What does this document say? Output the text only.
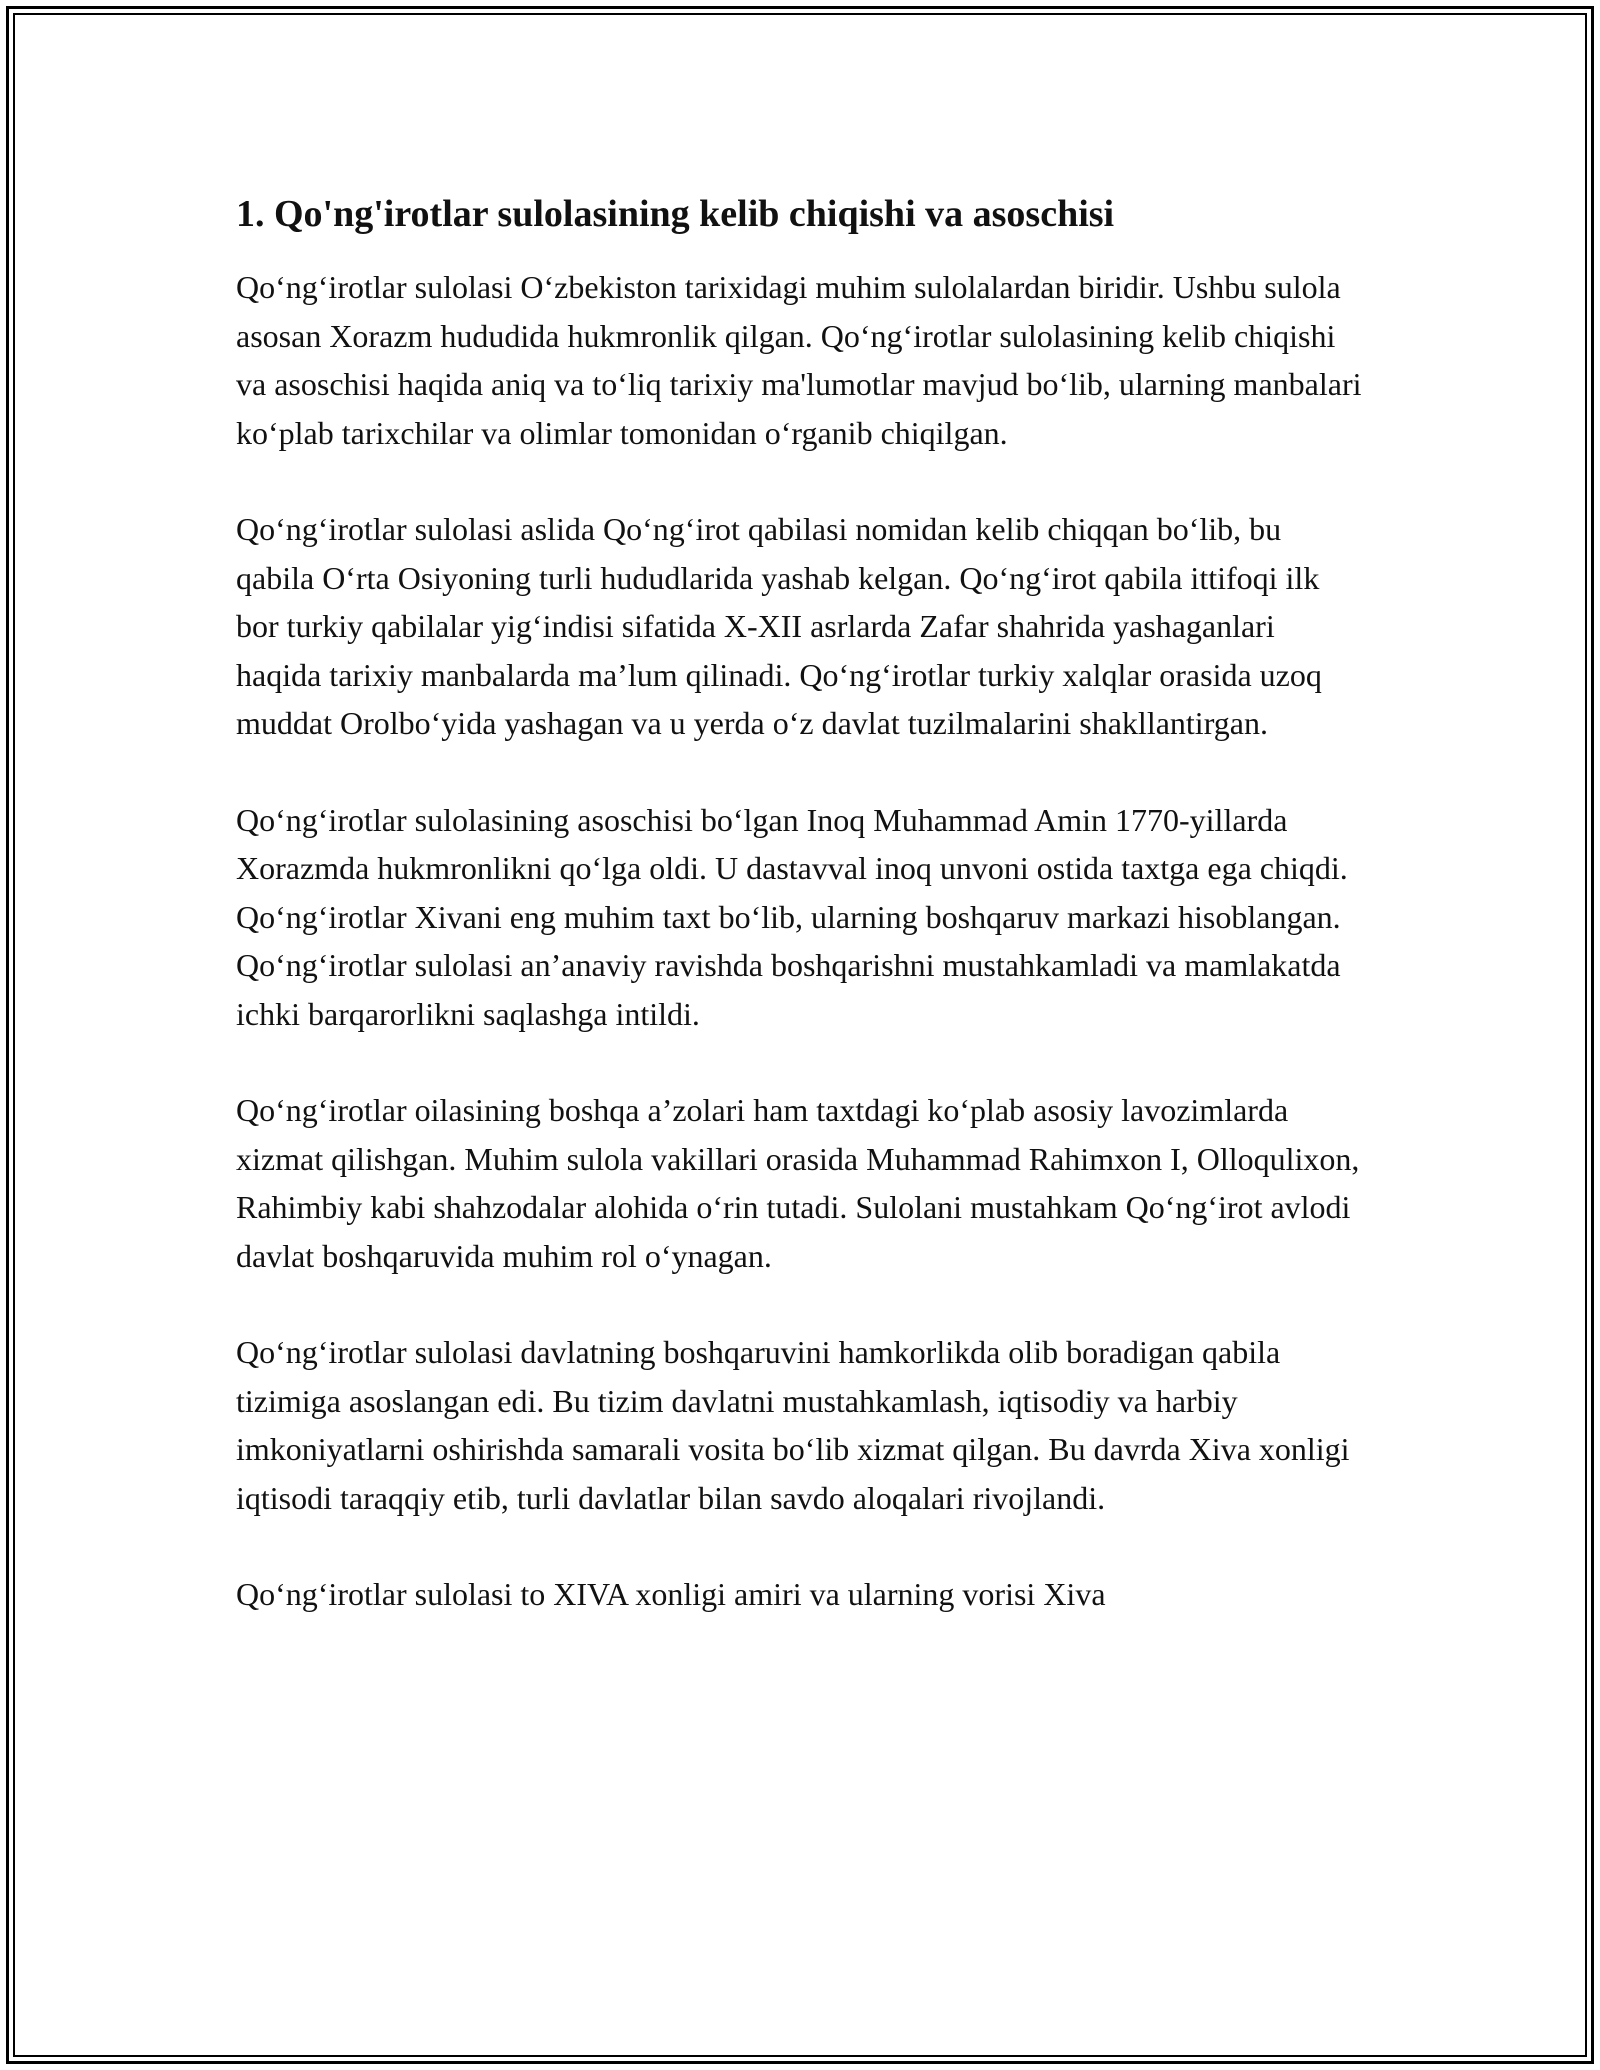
1. Qo'ng'irotlar sulolasining kelib chiqishi va asoschisi

Qo‘ng‘irotlar sulolasi O‘zbekiston tarixidagi muhim sulolalardan biridir. Ushbu sulola asosan Xorazm hududida hukmronlik qilgan. Qo‘ng‘irotlar sulolasining kelib chiqishi va asoschisi haqida aniq va to‘liq tarixiy ma'lumotlar mavjud bo‘lib, ularning manbalari ko‘plab tarixchilar va olimlar tomonidan o‘rganib chiqilgan.

Qo‘ng‘irotlar sulolasi aslida Qo‘ng‘irot qabilasi nomidan kelib chiqqan bo‘lib, bu qabila O‘rta Osiyoning turli hududlarida yashab kelgan. Qo‘ng‘irot qabila ittifoqi ilk bor turkiy qabilalar yig‘indisi sifatida X-XII asrlarda Zafar shahrida yashaganlari haqida tarixiy manbalarda ma’lum qilinadi. Qo‘ng‘irotlar turkiy xalqlar orasida uzoq muddat Orolbo‘yida yashagan va u yerda o‘z davlat tuzilmalarini shakllantirgan.

Qo‘ng‘irotlar sulolasining asoschisi bo‘lgan Inoq Muhammad Amin 1770-yillarda Xorazmda hukmronlikni qo‘lga oldi. U dastavval inoq unvoni ostida taxtga ega chiqdi. Qo‘ng‘irotlar Xivani eng muhim taxt bo‘lib, ularning boshqaruv markazi hisoblangan. Qo‘ng‘irotlar sulolasi an’anaviy ravishda boshqarishni mustahkamladi va mamlakatda ichki barqarorlikni saqlashga intildi.

Qo‘ng‘irotlar oilasining boshqa a’zolari ham taxtdagi ko‘plab asosiy lavozimlarda xizmat qilishgan. Muhim sulola vakillari orasida Muhammad Rahimxon I, Olloqulixon, Rahimbiy kabi shahzodalar alohida o‘rin tutadi. Sulolani mustahkam Qo‘ng‘irot avlodi davlat boshqaruvida muhim rol o‘ynagan.

Qo‘ng‘irotlar sulolasi davlatning boshqaruvini hamkorlikda olib boradigan qabila tizimiga asoslangan edi. Bu tizim davlatni mustahkamlash, iqtisodiy va harbiy imkoniyatlarni oshirishda samarali vosita bo‘lib xizmat qilgan. Bu davrda Xiva xonligi iqtisodi taraqqiy etib, turli davlatlar bilan savdo aloqalari rivojlandi.

Qo‘ng‘irotlar sulolasi to XIVA xonligi amiri va ularning vorisi Xiva
